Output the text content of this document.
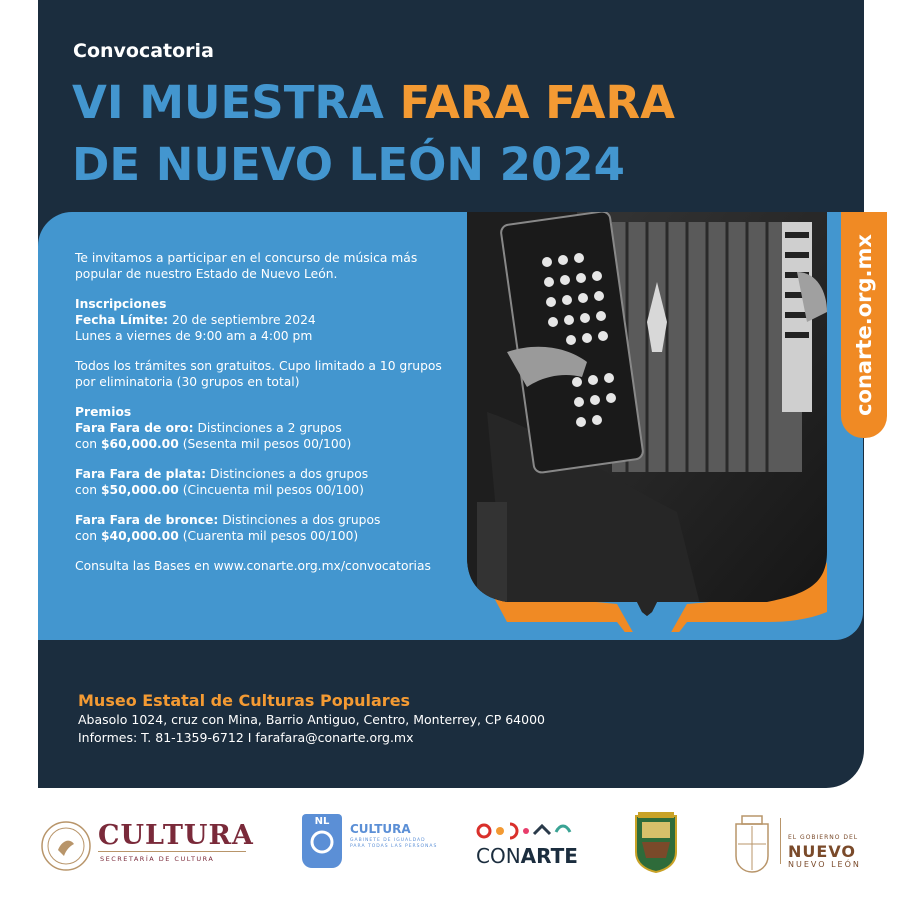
Convocatoria
VI MUESTRA FARA FARA
DE NUEVO LEÓN 2024
conarte.org.mx

Te invitamos a participar en el concurso de música más popular de nuestro Estado de Nuevo León.

Inscripciones
Fecha Límite: 20 de septiembre 2024
Lunes a viernes de 9:00 am a 4:00 pm

Todos los trámites son gratuitos. Cupo limitado a 10 grupos por eliminatoria (30 grupos en total)

Premios
Fara Fara de oro: Distinciones a 2 grupos
con $60,000.00 (Sesenta mil pesos 00/100)

Fara Fara de plata: Distinciones a dos grupos
con $50,000.00 (Cincuenta mil pesos 00/100)

Fara Fara de bronce: Distinciones a dos grupos
con $40,000.00 (Cuarenta mil pesos 00/100)

Consulta las Bases en www.conarte.org.mx/convocatorias

Museo Estatal de Culturas Populares
Abasolo 1024, cruz con Mina, Barrio Antiguo, Centro, Monterrey, CP 64000
Informes: T. 81-1359-6712 I farafara@conarte.org.mx
CULTURA
SECRETARÍA DE CULTURA
NL
CULTURA
GABINETE DE IGUALDAD
PARA TODAS LAS PERSONAS CONARTE
EL GOBIERNO DEL
NUEVO
NUEVO LEÓN
